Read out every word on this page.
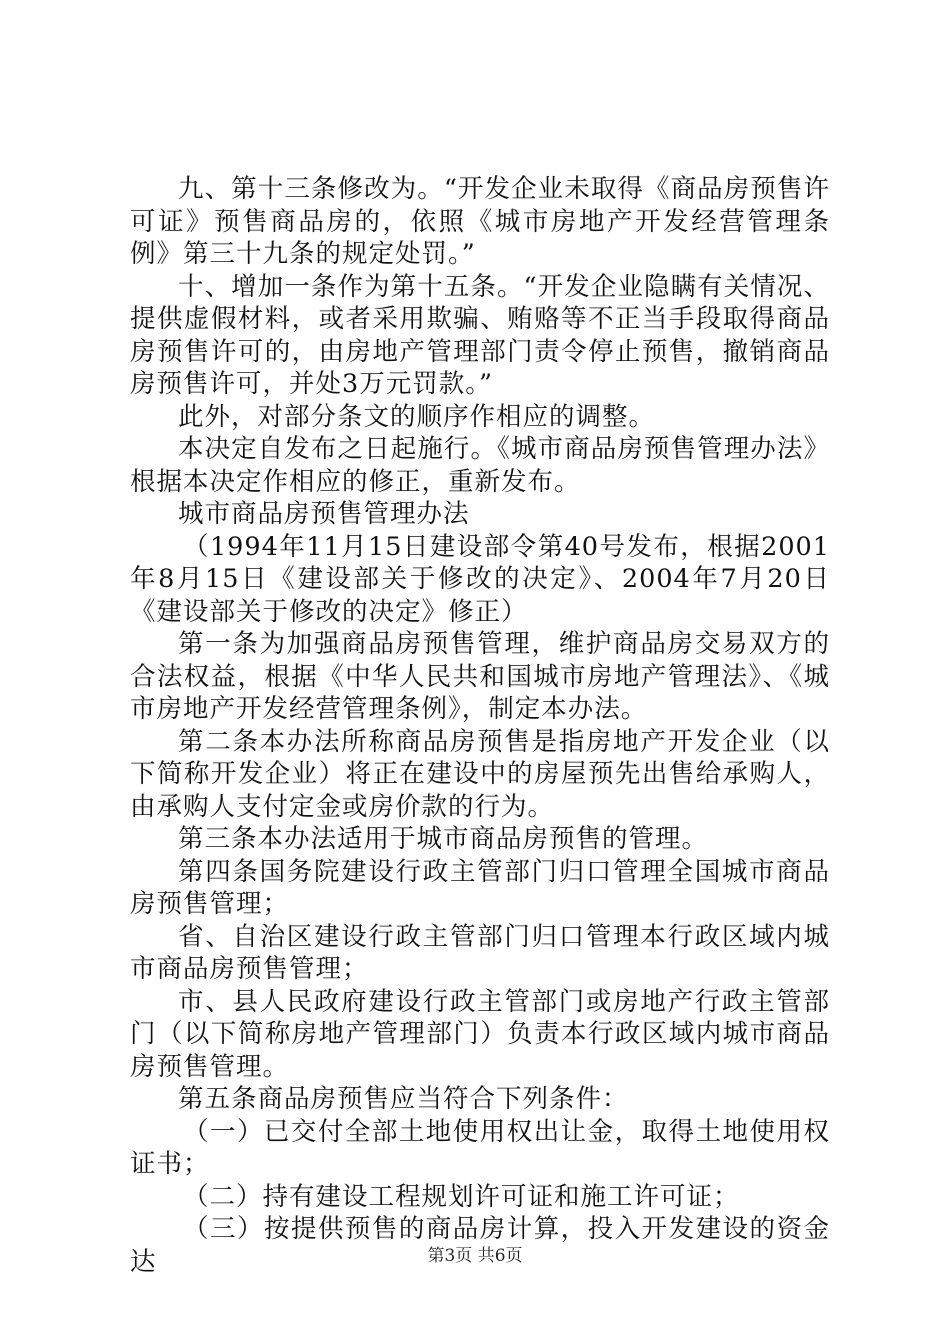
九、第十三条修改为。“开发企业未取得《商品房预售许可证》预售商品房的，依照《城市房地产开发经营管理条例》第三十九条的规定处罚。”

十、增加一条作为第十五条。“开发企业隐瞒有关情况、提供虚假材料，或者采用欺骗、贿赂等不正当手段取得商品房预售许可的，由房地产管理部门责令停止预售，撤销商品房预售许可，并处3万元罚款。”

此外，对部分条文的顺序作相应的调整。

本决定自发布之日起施行。《城市商品房预售管理办法》根据本决定作相应的修正，重新发布。

城市商品房预售管理办法

（1994年11月15日建设部令第40号发布，根据2001年8月15日《建设部关于修改的决定》、2004年7月20日《建设部关于修改的决定》修正）

第一条为加强商品房预售管理，维护商品房交易双方的合法权益，根据《中华人民共和国城市房地产管理法》、《城市房地产开发经营管理条例》，制定本办法。

第二条本办法所称商品房预售是指房地产开发企业（以下简称开发企业）将正在建设中的房屋预先出售给承购人，由承购人支付定金或房价款的行为。

第三条本办法适用于城市商品房预售的管理。

第四条国务院建设行政主管部门归口管理全国城市商品房预售管理；

省、自治区建设行政主管部门归口管理本行政区域内城市商品房预售管理；

市、县人民政府建设行政主管部门或房地产行政主管部门（以下简称房地产管理部门）负责本行政区域内城市商品房预售管理。

第五条商品房预售应当符合下列条件：

（一）已交付全部土地使用权出让金，取得土地使用权证书；

（二）持有建设工程规划许可证和施工许可证；

（三）按提供预售的商品房计算，投入开发建设的资金达	第3页 共6页
